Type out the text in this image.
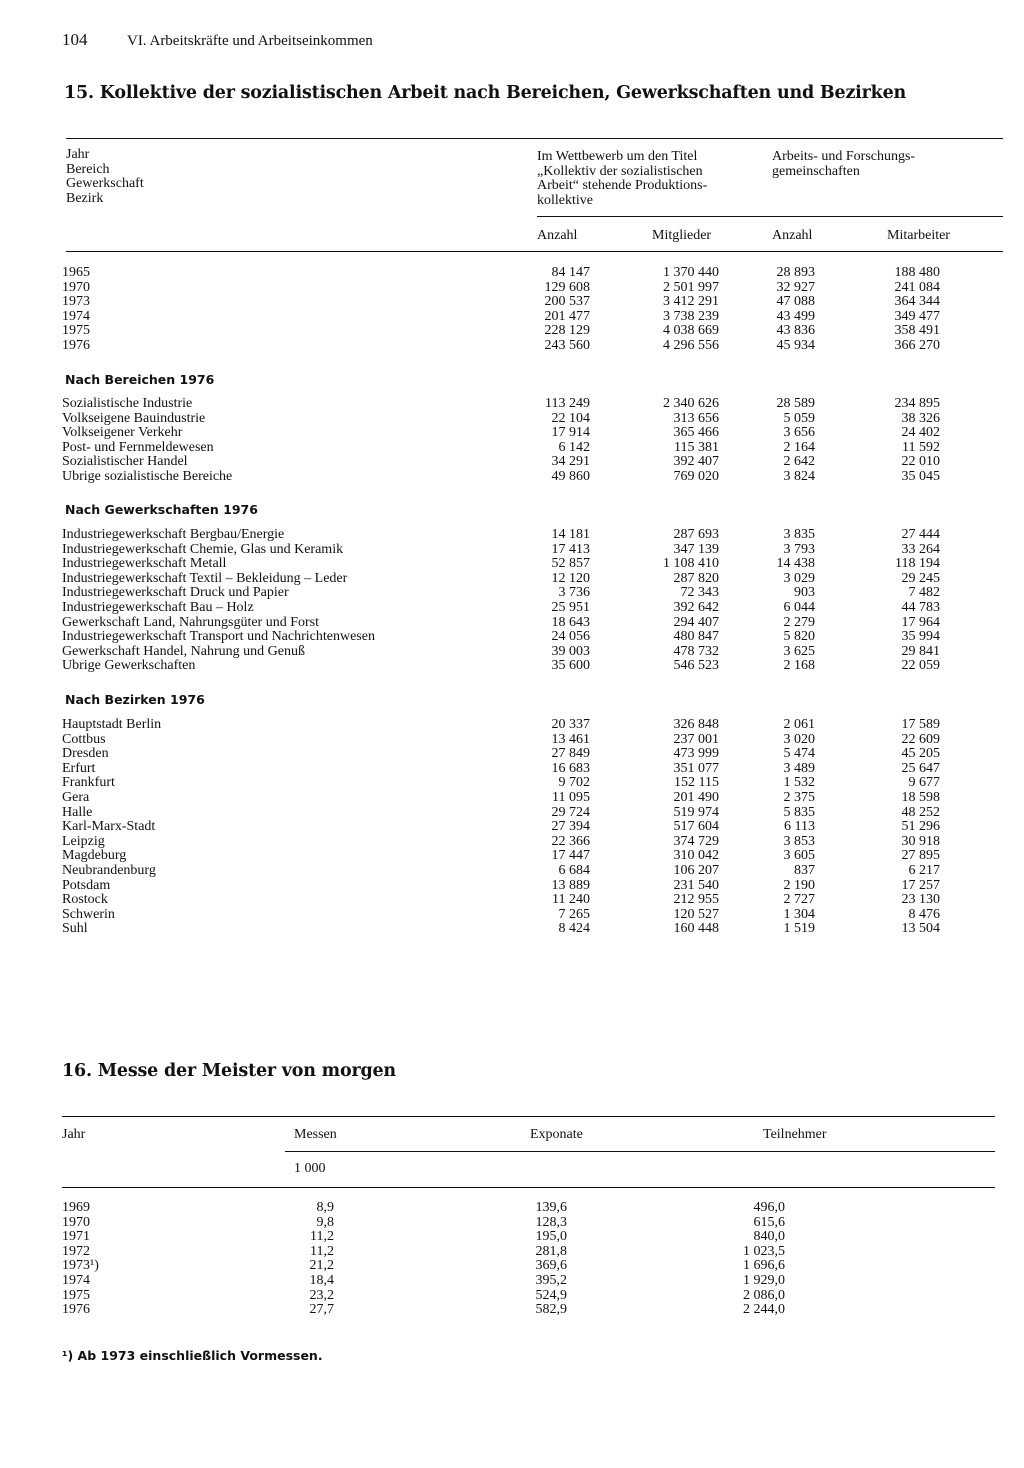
104	VI. Arbeitskräfte und Arbeitseinkommen
15. Kollektive der sozialistischen Arbeit nach Bereichen, Gewerkschaften und Bezirken
Jahr
Bereich
Gewerkschaft
Bezirk
Im Wettbewerb um den Titel
„Kollektiv der sozialistischen
Arbeit“ stehende Produktions-
kollektive
Arbeits- und Forschungs-
gemeinschaften
Anzahl	Mitglieder	Anzahl	Mitarbeiter
1965	84 147	1 370 440	28 893	188 480
1970	129 608	2 501 997	32 927	241 084
1973	200 537	3 412 291	47 088	364 344
1974	201 477	3 738 239	43 499	349 477
1975	228 129	4 038 669	43 836	358 491
1976	243 560	4 296 556	45 934	366 270
Nach Bereichen 1976
Sozialistische Industrie	113 249	2 340 626	28 589	234 895
Volkseigene Bauindustrie	22 104	313 656	5 059	38 326
Volkseigener Verkehr	17 914	365 466	3 656	24 402
Post- und Fernmeldewesen	6 142	115 381	2 164	11 592
Sozialistischer Handel	34 291	392 407	2 642	22 010
Übrige sozialistische Bereiche	49 860	769 020	3 824	35 045
Nach Gewerkschaften 1976
Industriegewerkschaft Bergbau/Energie	14 181	287 693	3 835	27 444
Industriegewerkschaft Chemie, Glas und Keramik	17 413	347 139	3 793	33 264
Industriegewerkschaft Metall	52 857	1 108 410	14 438	118 194
Industriegewerkschaft Textil – Bekleidung – Leder	12 120	287 820	3 029	29 245
Industriegewerkschaft Druck und Papier	3 736	72 343	903	7 482
Industriegewerkschaft Bau – Holz	25 951	392 642	6 044	44 783
Gewerkschaft Land, Nahrungsgüter und Forst	18 643	294 407	2 279	17 964
Industriegewerkschaft Transport und Nachrichtenwesen	24 056	480 847	5 820	35 994
Gewerkschaft Handel, Nahrung und Genuß	39 003	478 732	3 625	29 841
Übrige Gewerkschaften	35 600	546 523	2 168	22 059
Nach Bezirken 1976
Hauptstadt Berlin	20 337	326 848	2 061	17 589
Cottbus	13 461	237 001	3 020	22 609
Dresden	27 849	473 999	5 474	45 205
Erfurt	16 683	351 077	3 489	25 647
Frankfurt	9 702	152 115	1 532	9 677
Gera	11 095	201 490	2 375	18 598
Halle	29 724	519 974	5 835	48 252
Karl-Marx-Stadt	27 394	517 604	6 113	51 296
Leipzig	22 366	374 729	3 853	30 918
Magdeburg	17 447	310 042	3 605	27 895
Neubrandenburg	6 684	106 207	837	6 217
Potsdam	13 889	231 540	2 190	17 257
Rostock	11 240	212 955	2 727	23 130
Schwerin	7 265	120 527	1 304	8 476
Suhl	8 424	160 448	1 519	13 504
16. Messe der Meister von morgen
Jahr	Messen	Exponate	Teilnehmer
1 000
1969	8,9	139,6	496,0
1970	9,8	128,3	615,6
1971	11,2	195,0	840,0
1972	11,2	281,8	1 023,5
1973¹)	21,2	369,6	1 696,6
1974	18,4	395,2	1 929,0
1975	23,2	524,9	2 086,0
1976	27,7	582,9	2 244,0
¹) Ab 1973 einschließlich Vormessen.
